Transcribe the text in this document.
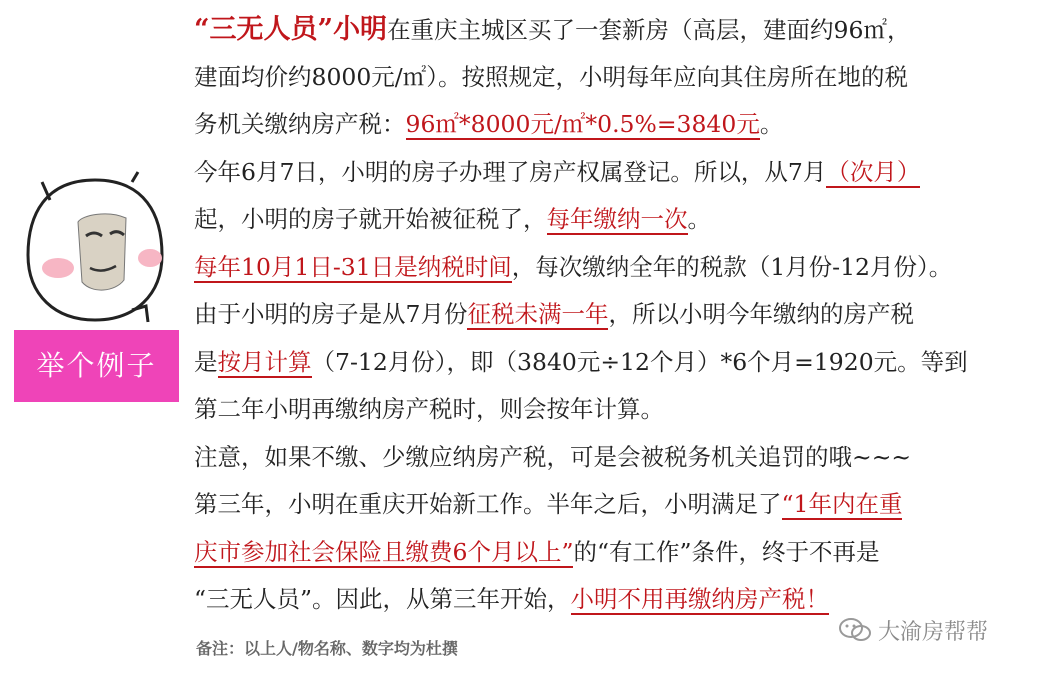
举个例子
“三无人员”小明在重庆主城区买了一套新房（高层，建面约96㎡，
建面均价约8000元/㎡）。按照规定，小明每年应向其住房所在地的税
务机关缴纳房产税：96㎡*8000元/㎡*0.5%=3840元。
今年6月7日，小明的房子办理了房产权属登记。所以，从7月（次月）
起，小明的房子就开始被征税了，每年缴纳一次。
每年10月1日-31日是纳税时间，每次缴纳全年的税款（1月份-12月份）。
由于小明的房子是从7月份征税未满一年，所以小明今年缴纳的房产税
是按月计算（7-12月份），即（3840元÷12个月）*6个月=1920元。等到
第二年小明再缴纳房产税时，则会按年计算。
注意，如果不缴、少缴应纳房产税，可是会被税务机关追罚的哦~~~
第三年，小明在重庆开始新工作。半年之后，小明满足了“1年内在重
庆市参加社会保险且缴费6个月以上”的“有工作”条件，终于不再是
“三无人员”。因此，从第三年开始，小明不用再缴纳房产税！
备注：以上人/物名称、数字均为杜撰
大渝房帮帮
